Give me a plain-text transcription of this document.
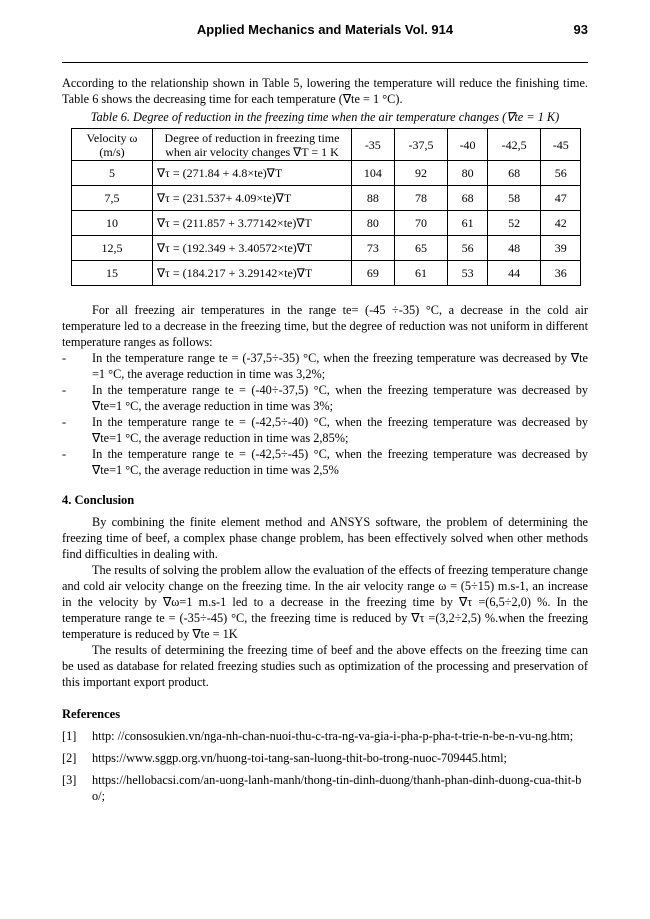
Applied Mechanics and Materials Vol. 914	93

According to the relationship shown in Table 5, lowering the temperature will reduce the finishing time. Table 6 shows the decreasing time for each temperature (∇te = 1 °C).

Table 6. Degree of reduction in the freezing time when the air temperature changes (∇te = 1 K)
Velocity ω (m/s)	Degree of reduction in freezing time when air velocity changes ∇T = 1 K	-35	-37,5	-40	-42,5	-45
5	∇τ = (271.84 + 4.8×te)∇T	104	92	80	68	56
7,5	∇τ = (231.537+ 4.09×te)∇T	88	78	68	58	47
10	∇τ = (211.857 + 3.77142×te)∇T	80	70	61	52	42
12,5	∇τ = (192.349 + 3.40572×te)∇T	73	65	56	48	39
15	∇τ = (184.217 + 3.29142×te)∇T	69	61	53	44	36

For all freezing air temperatures in the range te= (-45 ÷-35) °C, a decrease in the cold air temperature led to a decrease in the freezing time, but the degree of reduction was not uniform in different temperature ranges as follows:

-	In the temperature range te = (-37,5÷-35) °C, when the freezing temperature was decreased by ∇te =1 °C, the average reduction in time was 3,2%;
-	In the temperature range te = (-40÷-37,5) °C, when the freezing temperature was decreased by ∇te=1 °C, the average reduction in time was 3%;
-	In the temperature range te = (-42,5÷-40) °C, when the freezing temperature was decreased by ∇te=1 °C, the average reduction in time was 2,85%;
-	In the temperature range te = (-42,5÷-45) °C, when the freezing temperature was decreased by ∇te=1 °C, the average reduction in time was 2,5%
4. Conclusion

By combining the finite element method and ANSYS software, the problem of determining the freezing time of beef, a complex phase change problem, has been effectively solved when other methods find difficulties in dealing with.

The results of solving the problem allow the evaluation of the effects of freezing temperature change and cold air velocity change on the freezing time. In the air velocity range ω = (5÷15) m.s-1, an increase in the velocity by ∇ω=1 m.s-1 led to a decrease in the freezing time by ∇τ =(6,5÷2,0) %. In the temperature range te = (-35÷-45) °C, the freezing time is reduced by ∇τ =(3,2÷2,5) %.when the freezing temperature is reduced by ∇te = 1K

The results of determining the freezing time of beef and the above effects on the freezing time can be used as database for related freezing studies such as optimization of the processing and preservation of this important export product.

References
[1]	http: //consosukien.vn/nga-nh-chan-nuoi-thu-c-tra-ng-va-gia-i-pha-p-pha-t-trie-n-be-n-vu-ng.htm;
[2]	https://www.sggp.org.vn/huong-toi-tang-san-luong-thit-bo-trong-nuoc-709445.html;
[3]	https://hellobacsi.com/an-uong-lanh-manh/thong-tin-dinh-duong/thanh-phan-dinh-duong-cua-thit-bo/;
